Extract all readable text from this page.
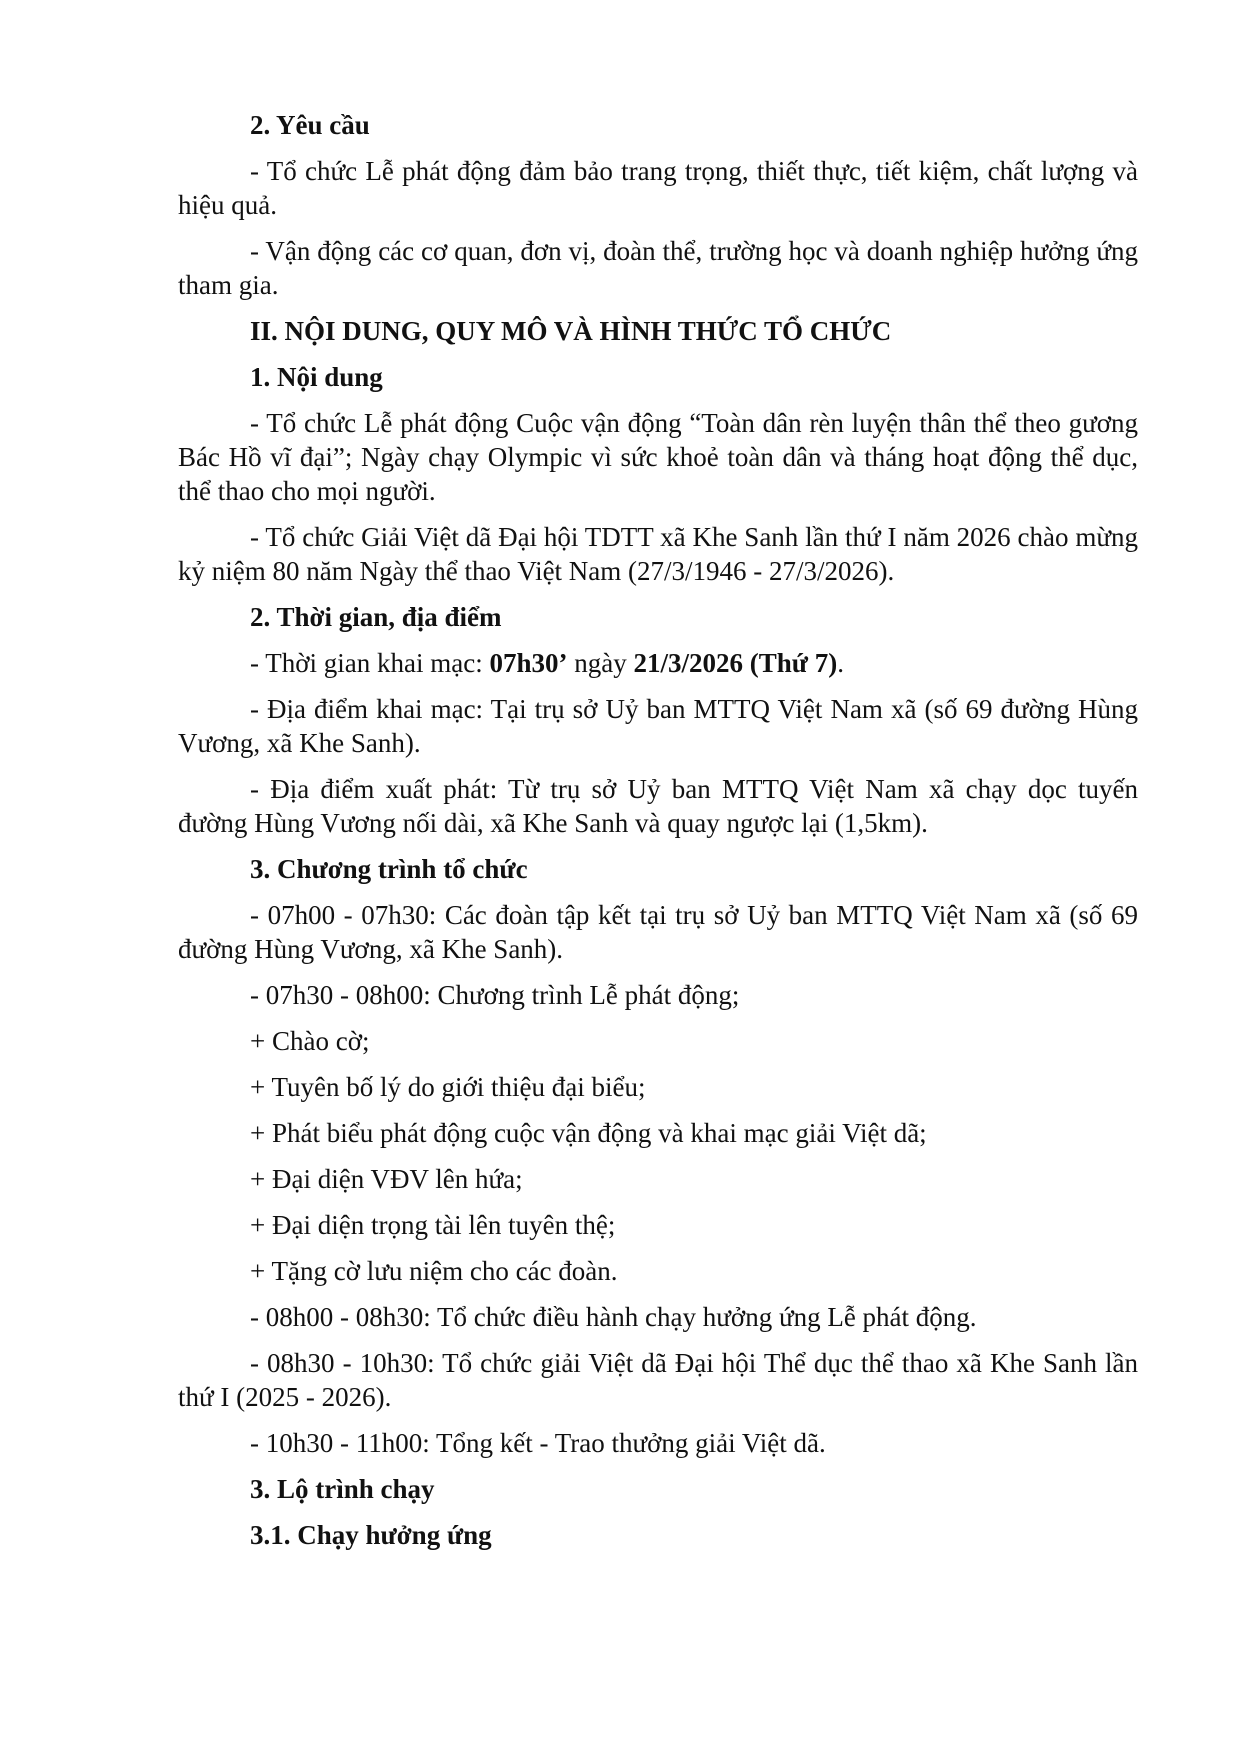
2. Yêu cầu
- Tổ chức Lễ phát động đảm bảo trang trọng, thiết thực, tiết kiệm, chất lượng và hiệu quả.
- Vận động các cơ quan, đơn vị, đoàn thể, trường học và doanh nghiệp hưởng ứng tham gia.
II. NỘI DUNG, QUY MÔ VÀ HÌNH THỨC TỔ CHỨC
1. Nội dung
- Tổ chức Lễ phát động Cuộc vận động “Toàn dân rèn luyện thân thể theo gương Bác Hồ vĩ đại”; Ngày chạy Olympic vì sức khoẻ toàn dân và tháng hoạt động thể dục, thể thao cho mọi người.
- Tổ chức Giải Việt dã Đại hội TDTT xã Khe Sanh lần thứ I năm 2026 chào mừng kỷ niệm 80 năm Ngày thể thao Việt Nam (27/3/1946 - 27/3/2026).
2. Thời gian, địa điểm
- Thời gian khai mạc: 07h30’ ngày 21/3/2026 (Thứ 7).
- Địa điểm khai mạc: Tại trụ sở Uỷ ban MTTQ Việt Nam xã (số 69 đường Hùng Vương, xã Khe Sanh).
- Địa điểm xuất phát: Từ trụ sở Uỷ ban MTTQ Việt Nam xã chạy dọc tuyến đường Hùng Vương nối dài, xã Khe Sanh và quay ngược lại (1,5km).
3. Chương trình tổ chức
- 07h00 - 07h30: Các đoàn tập kết tại trụ sở Uỷ ban MTTQ Việt Nam xã (số 69 đường Hùng Vương, xã Khe Sanh).
- 07h30 - 08h00: Chương trình Lễ phát động;
+ Chào cờ;
+ Tuyên bố lý do giới thiệu đại biểu;
+ Phát biểu phát động cuộc vận động và khai mạc giải Việt dã;
+ Đại diện VĐV lên hứa;
+ Đại diện trọng tài lên tuyên thệ;
+ Tặng cờ lưu niệm cho các đoàn.
- 08h00 - 08h30: Tổ chức điều hành chạy hưởng ứng Lễ phát động.
- 08h30 - 10h30: Tổ chức giải Việt dã Đại hội Thể dục thể thao xã Khe Sanh lần thứ I (2025 - 2026).
- 10h30 - 11h00: Tổng kết - Trao thưởng giải Việt dã.
3. Lộ trình chạy
3.1. Chạy hưởng ứng
